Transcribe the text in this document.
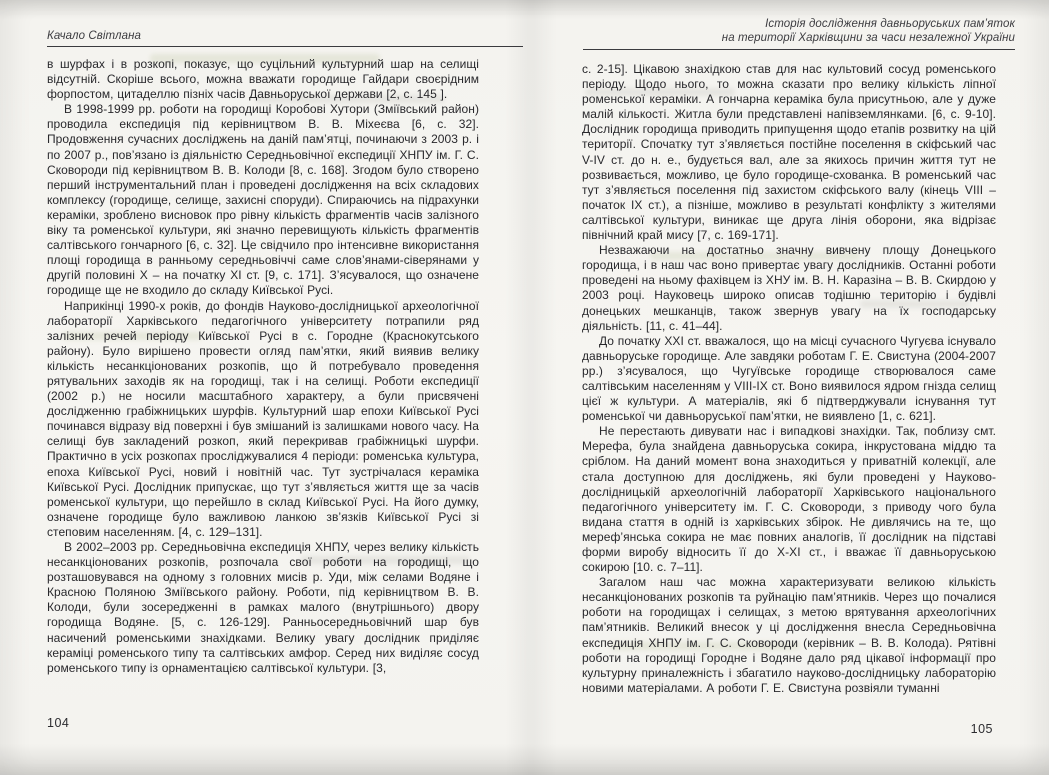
Качало Світлана

в шурфах і в розкопі, показує, що суцільний культурний шар на селищі відсутній. Скоріше всього, можна вважати городище Гайдари своєрідним форпостом, цитаделлю пізніх часів Давньоруської держави [2, с. 145 ].

В 1998-1999 рр. роботи на городищі Коробові Хутори (Зміївський район) проводила експедиція під керівництвом В. В. Міхеєва [6, с. 32]. Продовження сучасних досліджень на даній пам’ятці, починаючи з 2003 р. і по 2007 р., пов’язано із діяльністю Середньовічної експедиції ХНПУ ім. Г. С. Сковороди під керівництвом В. В. Колоди [8, с. 168]. Згодом було створено перший інструментальний план і проведені дослідження на всіх складових комплексу (городище, селище, захисні споруди). Спираючись на підрахунки кераміки, зроблено висновок про рівну кількість фрагментів часів залізного віку та роменської культури, які значно перевищують кількість фрагментів салтівського гончарного [6, с. 32]. Це свідчило про інтенсивне використання площі городища в ранньому середньовіччі саме слов’янами-сіверянами у другій половині X – на початку XI ст. [9, с. 171]. З’ясувалося, що означене городище ще не входило до складу Київської Русі.

Наприкінці 1990-х років, до фондів Науково-дослідницької археологічної лабораторії Харківського педагогічного університету потрапили ряд залізних речей періоду Київської Русі в с. Городне (Краснокутського району). Було вирішено провести огляд пам’ятки, який виявив велику кількість несанкціонованих розкопів, що й потребувало проведення рятувальних заходів як на городищі, так і на селищі. Роботи експедиції (2002 р.) не носили масштабного характеру, а були присвячені дослідженню грабіжницьких шурфів. Культурний шар епохи Київської Русі починався відразу від поверхні і був змішаний із залишками нового часу. На селищі був закладений розкоп, який перекривав грабіжницькі шурфи. Практично в усіх розкопах просліджувалися 4 періоди: роменська культура, епоха Київської Русі, новий і новітній час. Тут зустрічалася кераміка Київської Русі. Дослідник припускає, що тут з’являється життя ще за часів роменської культури, що перейшло в склад Київської Русі. На його думку, означене городище було важливою ланкою зв’язків Київської Русі зі степовим населенням. [4, с. 129–131].

В 2002–2003 рр. Середньовічна експедиція ХНПУ, через велику кількість несанкціонованих розкопів, розпочала свої роботи на городищі, що розташовувався на одному з головних мисів р. Уди, між селами Водяне і Красною Поляною Зміївського району. Роботи, під керівництвом В. В. Колоди, були зосередженні в рамках малого (внутрішнього) двору городища Водяне. [5, с. 126-129]. Ранньосередньовічний шар був насичений роменськими знахідками. Велику увагу дослідник приділяє кераміці роменського типу та салтівських амфор. Серед них виділяє сосуд роменського типу із орнаментацією салтівської культури. [3,

104
Історія дослідження давньоруських пам’яток
на території Харківщини за часи незалежної України

с. 2-15]. Цікавою знахідкою став для нас культовий сосуд роменського періоду. Щодо нього, то можна сказати про велику кількість ліпної роменської кераміки. А гончарна кераміка була присутньою, але у дуже малій кількості. Житла були представлені напівземлянками. [6, с. 9-10]. Дослідник городища приводить припущення щодо етапів розвитку на цій території. Спочатку тут з’являється постійне поселення в скіфський час V-IV ст. до н. е., будується вал, але за якихось причин життя тут не розвивається, можливо, це було городище-схованка. В роменський час тут з’являється поселення під захистом скіфського валу (кінець VIII – початок IX ст.), а пізніше, можливо в результаті конфлікту з жителями салтівської культури, виникає ще друга лінія оборони, яка відрізає північний край мису [7, с. 169-171].

Незважаючи на достатньо значну вивчену площу Донецького городища, і в наш час воно привертає увагу дослідників. Останні роботи проведені на ньому фахівцем із ХНУ ім. В. Н. Каразіна – В. В. Скирдою у 2003 році. Науковець широко описав тодішню територію і будівлі донецьких мешканців, також звернув увагу на їх господарську діяльність. [11, с. 41–44].

До початку XXI ст. вважалося, що на місці сучасного Чугуєва існувало давньоруське городище. Але завдяки роботам Г. Е. Свистуна (2004-2007 рр.) з’ясувалося, що Чугуївське городище створювалося саме салтівським населенням у VIII-IX ст. Воно виявилося ядром гнізда селищ цієї ж культури. А матеріалів, які б підтверджували існування тут роменської чи давньоруської пам’ятки, не виявлено [1, с. 621].

Не перестають дивувати нас і випадкові знахідки. Так, поблизу смт. Мерефа, була знайдена давньоруська сокира, інкрустована міддю та сріблом. На даний момент вона знаходиться у приватній колекції, але стала доступною для досліджень, які були проведені у Науково-дослідницькій археологічній лабораторії Харківського національного педагогічного університету ім. Г. С. Сковороди, з приводу чого була видана стаття в одній із харківських збірок. Не дивлячись на те, що мереф’янська сокира не має повних аналогів, її дослідник на підставі форми виробу відносить її до X-XI ст., і вважає її давньоруською сокирою [10. с. 7–11].

Загалом наш час можна характеризувати великою кількість несанкціонованих розкопів та руйнацію пам’ятників. Через що почалися роботи на городищах і селищах, з метою врятування археологічних пам’ятників. Великий внесок у ці дослідження внесла Середньовічна експедиція ХНПУ ім. Г. С. Сковороди (керівник – В. В. Колода). Рятівні роботи на городищі Городне і Водяне дало ряд цікавої інформації про культурну приналежність і збагатило науково-дослідницьку лабораторію новими матеріалами. А роботи Г. Е. Свистуна розвіяли туманні

105
